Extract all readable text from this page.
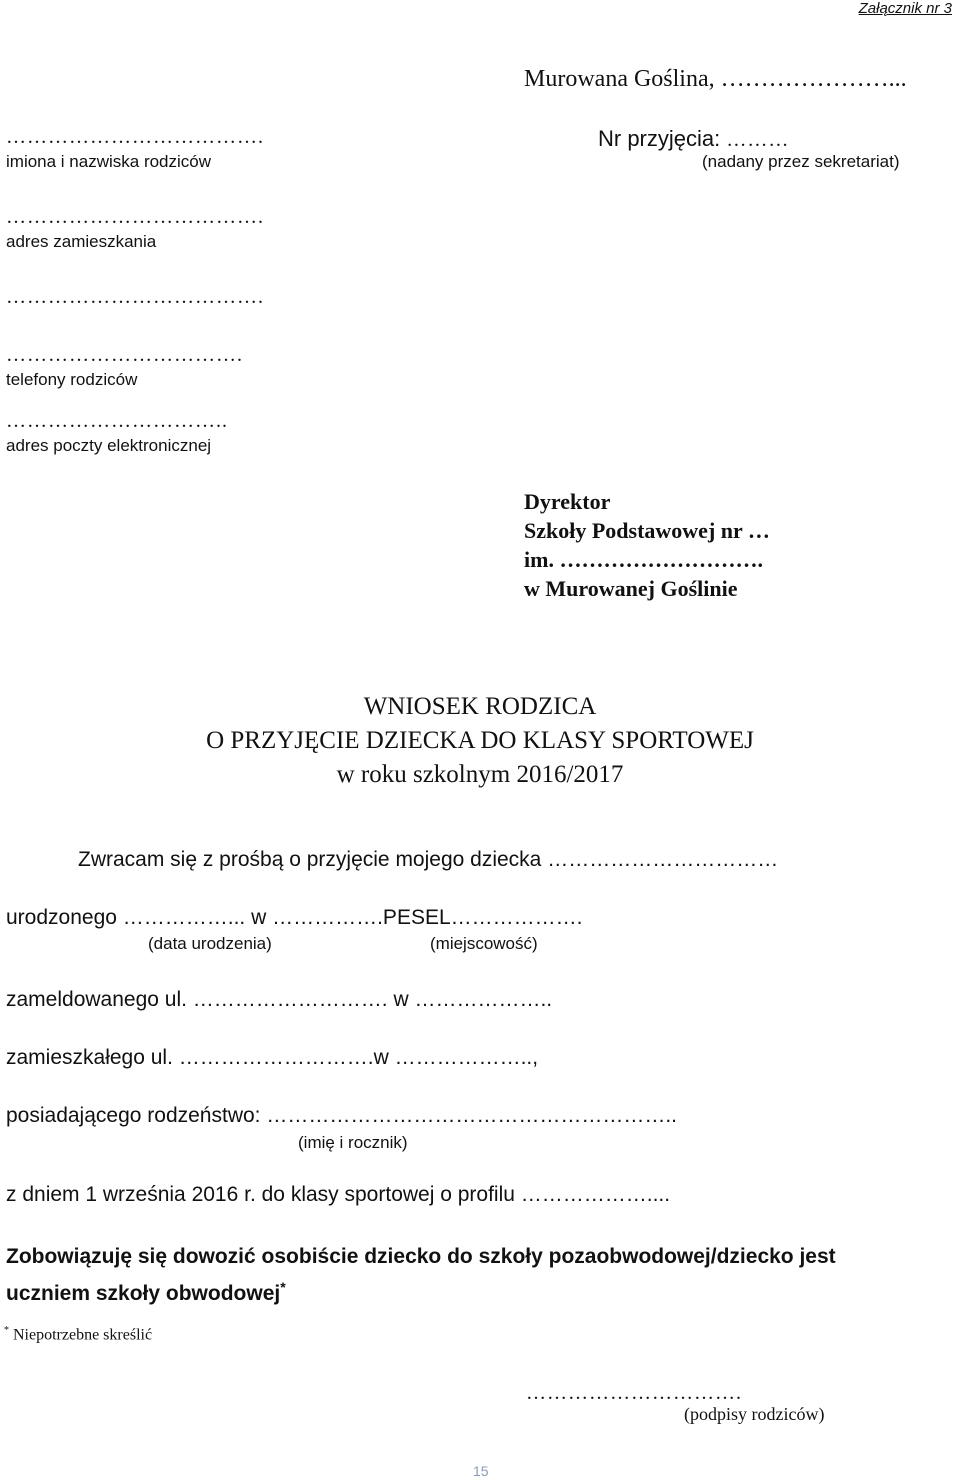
Załącznik nr 3
Murowana Goślina, …………………...
……………………………….
imiona i nazwiska rodziców
……………………………….
adres zamieszkania
……………………………….
…………………………….
telefony rodziców
…………………………..
adres poczty elektronicznej
Nr przyjęcia: ………
(nadany przez sekretariat)
Dyrektor
Szkoły Podstawowej nr …
im. ……………………….
w Murowanej Goślinie
WNIOSEK RODZICA
O PRZYJĘCIE DZIECKA DO KLASY SPORTOWEJ
w roku szkolnym 2016/2017
Zwracam się z prośbą o przyjęcie mojego dziecka ……………………………
urodzonego ……………... w …………….PESEL……………….
(data urodzenia)	(miejscowość)
zameldowanego ul. ………………………. w ………………..
zamieszkałego ul. ……………………….w ………………..,
posiadającego rodzeństwo: …………………………………………………..
(imię i rocznik)
z dniem 1 września 2016 r. do klasy sportowej o profilu ………………....
Zobowiązuję się dowozić osobiście dziecko do szkoły pozaobwodowej/dziecko jest
uczniem szkoły obwodowej*
* Niepotrzebne skreślić
………………………….
(podpisy rodziców)
15
